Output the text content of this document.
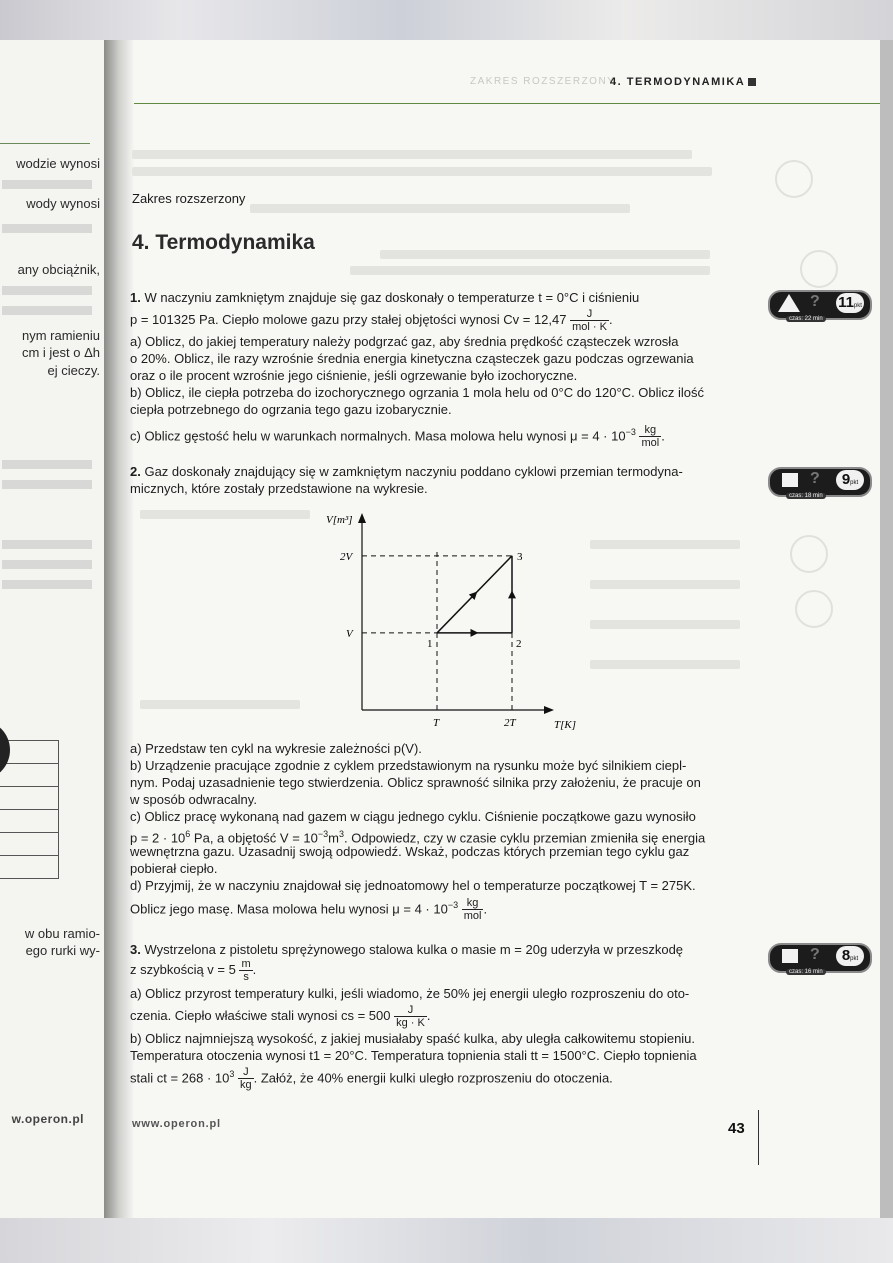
wodzie wynosi
wody wynosi
any obciążnik,
nym ramieniu
cm i jest o Δh
ej cieczy.
w obu ramio-
ego rurki wy-
w.operon.pl
ZAKRES ROZSZERZONY
4. TERMODYNAMIKA
Zakres rozszerzony
4. Termodynamika
1. W naczyniu zamkniętym znajduje się gaz doskonały o temperaturze t = 0°C i ciśnieniu
p = 101325 Pa. Ciepło molowe gazu przy stałej objętości wynosi $Cv = 12,47 \frac{J}{\text{mol · K}}$ .
a) Oblicz, do jakiej temperatury należy podgrzać gaz, aby średnia prędkość cząsteczek wzrosła
o 20%. Oblicz, ile razy wzrośnie średnia energia kinetyczna cząsteczek gazu podczas ogrzewania
oraz o ile procent wzrośnie jego ciśnienie, jeśli ogrzewanie było izochoryczne.
b) Oblicz, ile ciepła potrzeba do izochorycznego ogrzania 1 mola helu od 0°C do 120°C. Oblicz ilość
ciepła potrzebnego do ogrzania tego gazu izobarycznie.
c) Oblicz gęstość helu w warunkach normalnych. Masa molowa helu wynosi $\mu = 4 \cdot 10^{-3} \frac{kg}{\text{mol}}$ .
? 11pkt
czas: 22 min
2. Gaz doskonały znajdujący się w zamkniętym naczyniu poddano cyklowi przemian termodyna-
micznych, które zostały przedstawione na wykresie.
?	9pkt
czas: 18 min
V[m³]
T[K]
V
2V
T	2T
1	2
3
a) Przedstaw ten cykl na wykresie zależności p(V).
b) Urządzenie pracujące zgodnie z cyklem przedstawionym na rysunku może być silnikiem ciepl-
nym. Podaj uzasadnienie tego stwierdzenia. Oblicz sprawność silnika przy założeniu, że pracuje on
w sposób odwracalny.
c) Oblicz pracę wykonaną nad gazem w ciągu jednego cyklu. Ciśnienie początkowe gazu wynosiło
$p = 2 \cdot 10^6$ Pa, a objętość $V = 10^{-3}m^3$. Odpowiedz, czy w czasie cyklu przemian zmieniła się energia
wewnętrzna gazu. Uzasadnij swoją odpowiedź. Wskaż, podczas których przemian tego cyklu gaz
pobierał ciepło.
d) Przyjmij, że w naczyniu znajdował się jednoatomowy hel o temperaturze początkowej T = 275K.
Oblicz jego masę. Masa molowa helu wynosi $\mu = 4 \cdot 10^{-3} \frac{kg}{\text{mol}}$ .
3. Wystrzelona z pistoletu sprężynowego stalowa kulka o masie m = 20g uderzyła w przeszkodę
z szybkością $v = 5 \frac{m}{s}$ .
a) Oblicz przyrost temperatury kulki, jeśli wiadomo, że 50% jej energii uległo rozproszeniu do oto-
czenia. Ciepło właściwe stali wynosi cs = $500 \frac{J}{kg \cdot K}$ .
b) Oblicz najmniejszą wysokość, z jakiej musiałaby spaść kulka, aby uległa całkowitemu stopieniu.
Temperatura otoczenia wynosi t1 = 20°C. Temperatura topnienia stali tt = 1500°C. Ciepło topnienia
stali ct = $268 \cdot 10^3 \frac{J}{kg}$ . Załóż, że 40% energii kulki uległo rozproszeniu do otoczenia.
?	8pkt
czas: 16 min
www.operon.pl	43
